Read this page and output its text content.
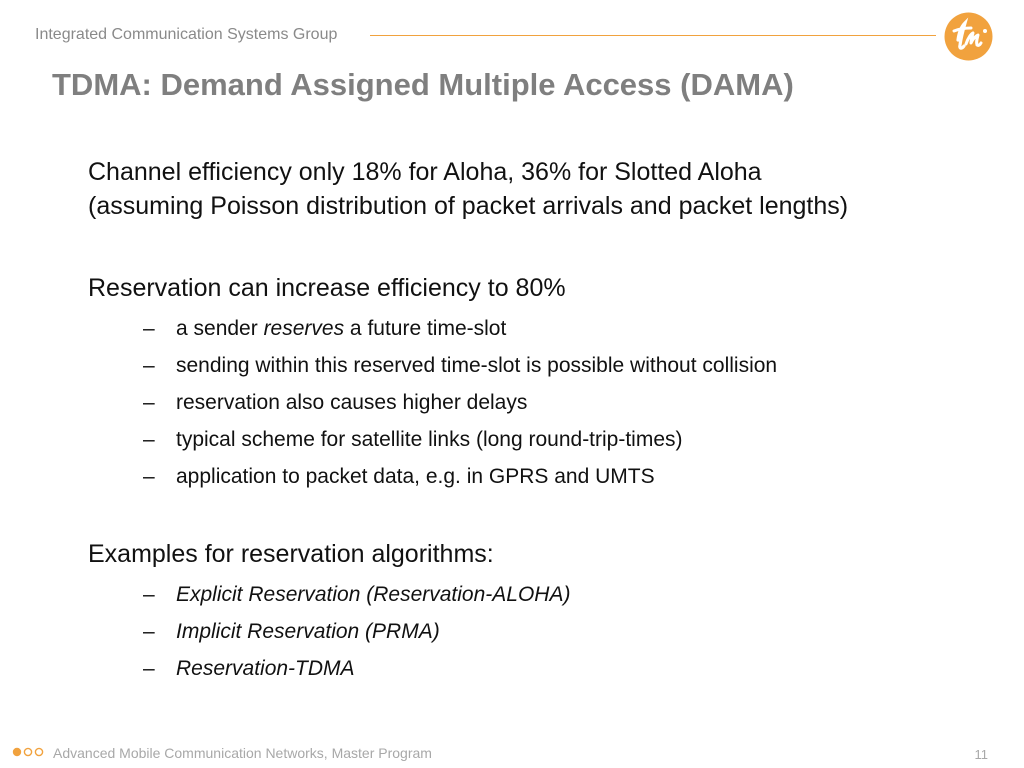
Integrated Communication Systems Group
TDMA: Demand Assigned Multiple Access (DAMA)

Channel efficiency only 18% for Aloha, 36% for Slotted Aloha
(assuming Poisson distribution of packet arrivals and packet lengths)

Reservation can increase efficiency to 80%

– a sender reserves a future time-slot
– sending within this reserved time-slot is possible without collision
– reservation also causes higher delays
– typical scheme for satellite links (long round-trip-times)
– application to packet data, e.g. in GPRS and UMTS

Examples for reservation algorithms:

– Explicit Reservation (Reservation-ALOHA)
– Implicit Reservation (PRMA)
– Reservation-TDMA
Advanced Mobile Communication Networks, Master Program	11
